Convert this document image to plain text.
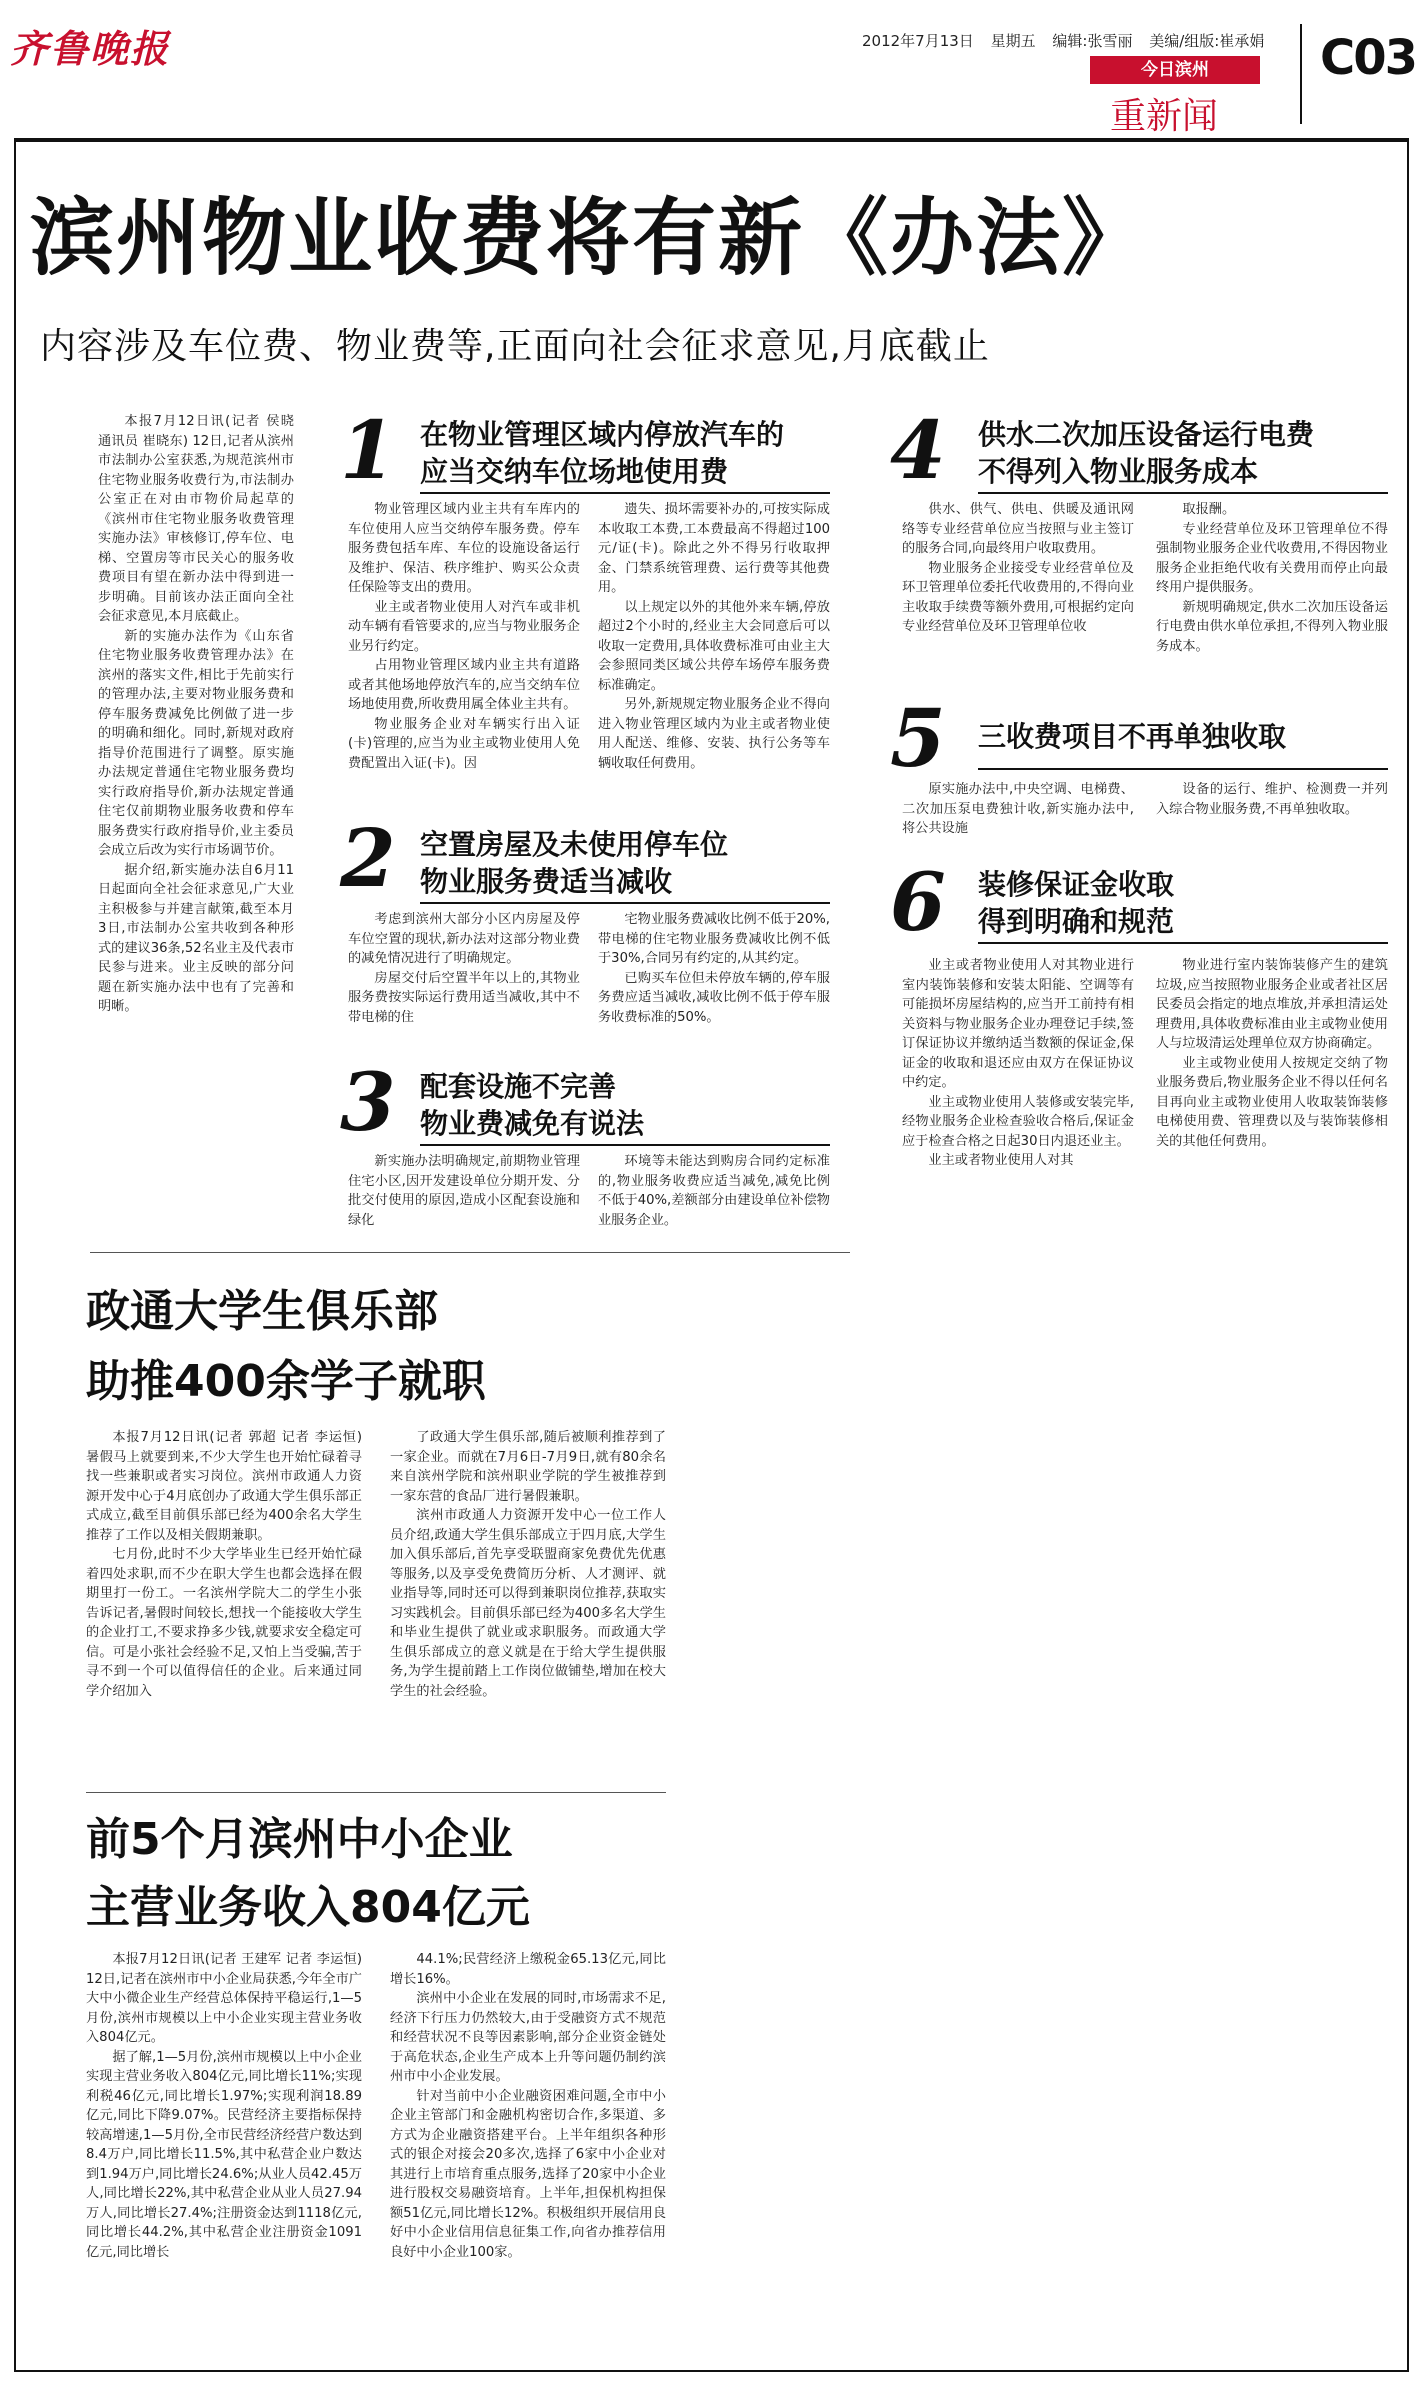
齐鲁晚报	2012年7月13日 星期五 编辑:张雪丽 美编/组版:崔承娟
今日滨州
重新闻
C03
滨州物业收费将有新《办法》
内容涉及车位费、物业费等,正面向社会征求意见,月底截止

本报7月12日讯(记者 侯晓 通讯员 崔晓东) 12日,记者从滨州市法制办公室获悉,为规范滨州市住宅物业服务收费行为,市法制办公室正在对由市物价局起草的《滨州市住宅物业服务收费管理实施办法》审核修订,停车位、电梯、空置房等市民关心的服务收费项目有望在新办法中得到进一步明确。目前该办法正面向全社会征求意见,本月底截止。

新的实施办法作为《山东省住宅物业服务收费管理办法》在滨州的落实文件,相比于先前实行的管理办法,主要对物业服务费和停车服务费减免比例做了进一步的明确和细化。同时,新规对政府指导价范围进行了调整。原实施办法规定普通住宅物业服务费均实行政府指导价,新办法规定普通住宅仅前期物业服务收费和停车服务费实行政府指导价,业主委员会成立后改为实行市场调节价。

据介绍,新实施办法自6月11日起面向全社会征求意见,广大业主积极参与并建言献策,截至本月3日,市法制办公室共收到各种形式的建议36条,52名业主及代表市民参与进来。业主反映的部分问题在新实施办法中也有了完善和明晰。

1 在物业管理区域内停放汽车的
应当交纳车位场地使用费

物业管理区域内业主共有车库内的车位使用人应当交纳停车服务费。停车服务费包括车库、车位的设施设备运行及维护、保洁、秩序维护、购买公众责任保险等支出的费用。

业主或者物业使用人对汽车或非机动车辆有看管要求的,应当与物业服务企业另行约定。

占用物业管理区域内业主共有道路或者其他场地停放汽车的,应当交纳车位场地使用费,所收费用属全体业主共有。

物业服务企业对车辆实行出入证(卡)管理的,应当为业主或物业使用人免费配置出入证(卡)。因

遗失、损坏需要补办的,可按实际成本收取工本费,工本费最高不得超过100元/证(卡)。除此之外不得另行收取押金、门禁系统管理费、运行费等其他费用。

以上规定以外的其他外来车辆,停放超过2个小时的,经业主大会同意后可以收取一定费用,具体收费标准可由业主大会参照同类区域公共停车场停车服务费标准确定。

另外,新规规定物业服务企业不得向进入物业管理区域内为业主或者物业使用人配送、维修、安装、执行公务等车辆收取任何费用。

2 空置房屋及未使用停车位
物业服务费适当减收

考虑到滨州大部分小区内房屋及停车位空置的现状,新办法对这部分物业费的减免情况进行了明确规定。

房屋交付后空置半年以上的,其物业服务费按实际运行费用适当减收,其中不带电梯的住

宅物业服务费减收比例不低于20%,带电梯的住宅物业服务费减收比例不低于30%,合同另有约定的,从其约定。

已购买车位但未停放车辆的,停车服务费应适当减收,减收比例不低于停车服务收费标准的50%。

3 配套设施不完善
物业费减免有说法

新实施办法明确规定,前期物业管理住宅小区,因开发建设单位分期开发、分批交付使用的原因,造成小区配套设施和绿化

环境等未能达到购房合同约定标准的,物业服务收费应适当减免,减免比例不低于40%,差额部分由建设单位补偿物业服务企业。

4 供水二次加压设备运行电费
不得列入物业服务成本

供水、供气、供电、供暖及通讯网络等专业经营单位应当按照与业主签订的服务合同,向最终用户收取费用。

物业服务企业接受专业经营单位及环卫管理单位委托代收费用的,不得向业主收取手续费等额外费用,可根据约定向专业经营单位及环卫管理单位收

取报酬。

专业经营单位及环卫管理单位不得强制物业服务企业代收费用,不得因物业服务企业拒绝代收有关费用而停止向最终用户提供服务。

新规明确规定,供水二次加压设备运行电费由供水单位承担,不得列入物业服务成本。

5 三收费项目不再单独收取

原实施办法中,中央空调、电梯费、二次加压泵电费独计收,新实施办法中,将公共设施

设备的运行、维护、检测费一并列入综合物业服务费,不再单独收取。

6 装修保证金收取
得到明确和规范

业主或者物业使用人对其物业进行室内装饰装修和安装太阳能、空调等有可能损坏房屋结构的,应当开工前持有相关资料与物业服务企业办理登记手续,签订保证协议并缴纳适当数额的保证金,保证金的收取和退还应由双方在保证协议中约定。

业主或物业使用人装修或安装完毕,经物业服务企业检查验收合格后,保证金应于检查合格之日起30日内退还业主。

业主或者物业使用人对其

物业进行室内装饰装修产生的建筑垃圾,应当按照物业服务企业或者社区居民委员会指定的地点堆放,并承担清运处理费用,具体收费标准由业主或物业使用人与垃圾清运处理单位双方协商确定。

业主或物业使用人按规定交纳了物业服务费后,物业服务企业不得以任何名目再向业主或物业使用人收取装饰装修电梯使用费、管理费以及与装饰装修相关的其他任何费用。

政通大学生俱乐部
助推400余学子就职

本报7月12日讯(记者 郭超 记者 李运恒) 暑假马上就要到来,不少大学生也开始忙碌着寻找一些兼职或者实习岗位。滨州市政通人力资源开发中心于4月底创办了政通大学生俱乐部正式成立,截至目前俱乐部已经为400余名大学生推荐了工作以及相关假期兼职。

七月份,此时不少大学毕业生已经开始忙碌着四处求职,而不少在职大学生也都会选择在假期里打一份工。一名滨州学院大二的学生小张告诉记者,暑假时间较长,想找一个能接收大学生的企业打工,不要求挣多少钱,就要求安全稳定可信。可是小张社会经验不足,又怕上当受骗,苦于寻不到一个可以值得信任的企业。后来通过同学介绍加入

了政通大学生俱乐部,随后被顺利推荐到了一家企业。而就在7月6日-7月9日,就有80余名来自滨州学院和滨州职业学院的学生被推荐到一家东营的食品厂进行暑假兼职。

滨州市政通人力资源开发中心一位工作人员介绍,政通大学生俱乐部成立于四月底,大学生加入俱乐部后,首先享受联盟商家免费优先优惠等服务,以及享受免费简历分析、人才测评、就业指导等,同时还可以得到兼职岗位推荐,获取实习实践机会。目前俱乐部已经为400多名大学生和毕业生提供了就业或求职服务。而政通大学生俱乐部成立的意义就是在于给大学生提供服务,为学生提前踏上工作岗位做铺垫,增加在校大学生的社会经验。

前5个月滨州中小企业
主营业务收入804亿元

本报7月12日讯(记者 王建军 记者 李运恒) 12日,记者在滨州市中小企业局获悉,今年全市广大中小微企业生产经营总体保持平稳运行,1—5月份,滨州市规模以上中小企业实现主营业务收入804亿元。

据了解,1—5月份,滨州市规模以上中小企业实现主营业务收入804亿元,同比增长11%;实现利税46亿元,同比增长1.97%;实现利润18.89亿元,同比下降9.07%。民营经济主要指标保持较高增速,1—5月份,全市民营经济经营户数达到8.4万户,同比增长11.5%,其中私营企业户数达到1.94万户,同比增长24.6%;从业人员42.45万人,同比增长22%,其中私营企业从业人员27.94万人,同比增长27.4%;注册资金达到1118亿元,同比增长44.2%,其中私营企业注册资金1091亿元,同比增长

44.1%;民营经济上缴税金65.13亿元,同比增长16%。

滨州中小企业在发展的同时,市场需求不足,经济下行压力仍然较大,由于受融资方式不规范和经营状况不良等因素影响,部分企业资金链处于高危状态,企业生产成本上升等问题仍制约滨州市中小企业发展。

针对当前中小企业融资困难问题,全市中小企业主管部门和金融机构密切合作,多渠道、多方式为企业融资搭建平台。上半年组织各种形式的银企对接会20多次,选择了6家中小企业对其进行上市培育重点服务,选择了20家中小企业进行股权交易融资培育。上半年,担保机构担保额51亿元,同比增长12%。积极组织开展信用良好中小企业信用信息征集工作,向省办推荐信用良好中小企业100家。
